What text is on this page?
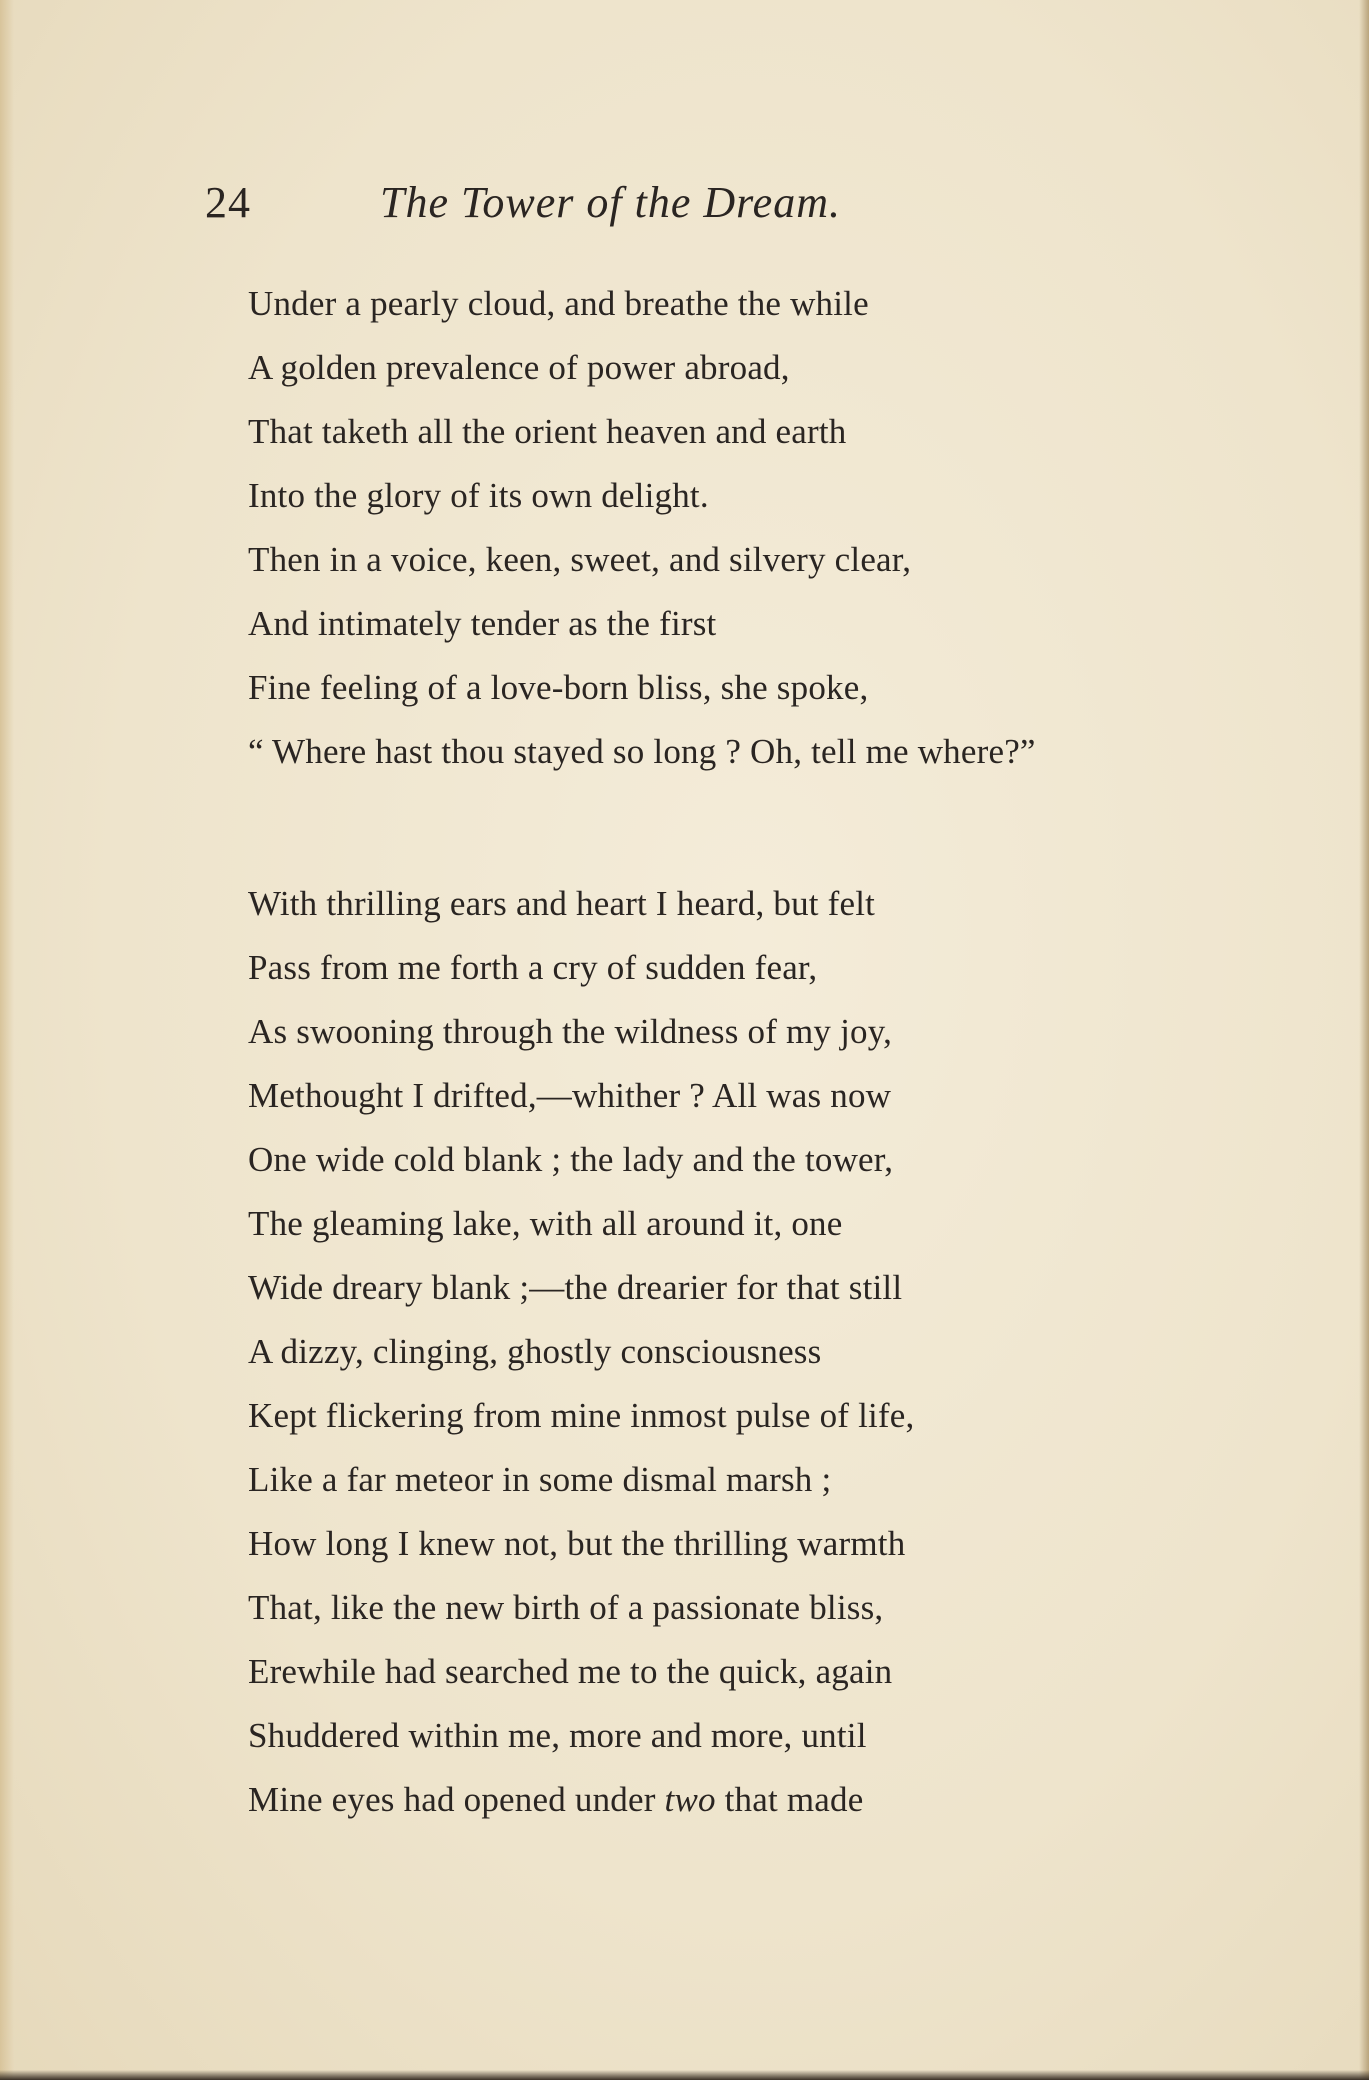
24	The Tower of the Dream.
Under a pearly cloud, and breathe the while
A golden prevalence of power abroad,
That taketh all the orient heaven and earth
Into the glory of its own delight.
Then in a voice, keen, sweet, and silvery clear,
And intimately tender as the first
Fine feeling of a love-born bliss, she spoke,
“ Where hast thou stayed so long ? Oh, tell me where?”
With thrilling ears and heart I heard, but felt
Pass from me forth a cry of sudden fear,
As swooning through the wildness of my joy,
Methought I drifted,—whither ? All was now
One wide cold blank ; the lady and the tower,
The gleaming lake, with all around it, one
Wide dreary blank ;—the drearier for that still
A dizzy, clinging, ghostly consciousness
Kept flickering from mine inmost pulse of life,
Like a far meteor in some dismal marsh ;
How long I knew not, but the thrilling warmth
That, like the new birth of a passionate bliss,
Erewhile had searched me to the quick, again
Shuddered within me, more and more, until
Mine eyes had opened under two that made
